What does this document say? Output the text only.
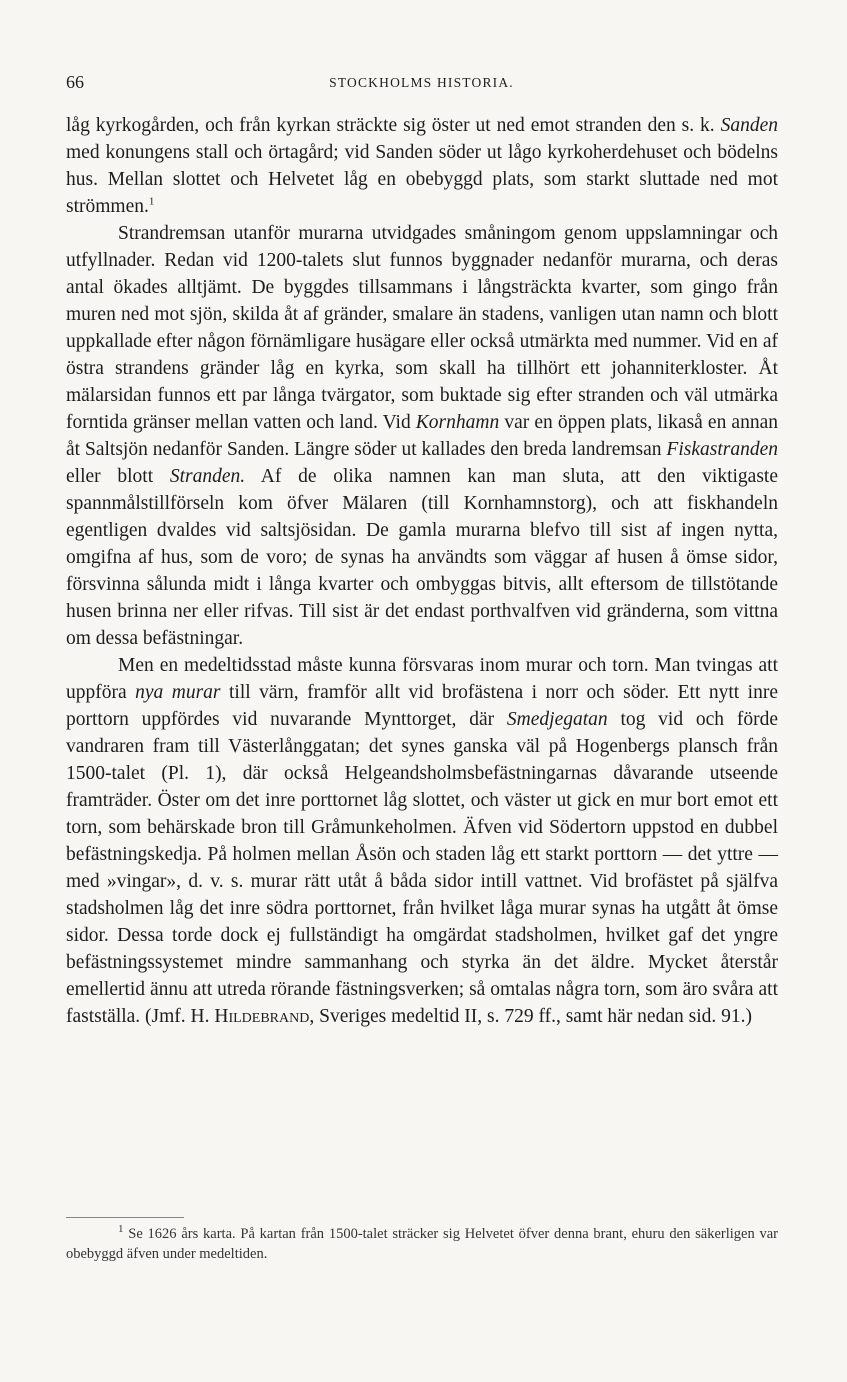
66	STOCKHOLMS HISTORIA.

låg kyrkogården, och från kyrkan sträckte sig öster ut ned emot stranden den s. k. Sanden med konungens stall och örtagård; vid Sanden söder ut lågo kyrkoherdehuset och bödelns hus. Mellan slottet och Helvetet låg en obebyggd plats, som starkt sluttade ned mot strömmen.$^1$

Strandremsan utanför murarna utvidgades småningom genom uppslamningar och utfyllnader. Redan vid 1200-talets slut funnos byggnader nedanför murarna, och deras antal ökades alltjämt. De byggdes tillsammans i långsträckta kvarter, som gingo från muren ned mot sjön, skilda åt af gränder, smalare än stadens, vanligen utan namn och blott uppkallade efter någon förnämligare husägare eller också utmärkta med nummer. Vid en af östra strandens gränder låg en kyrka, som skall ha tillhört ett johanniterkloster. Åt mälarsidan funnos ett par långa tvärgator, som buktade sig efter stranden och väl utmärka forntida gränser mellan vatten och land. Vid Kornhamn var en öppen plats, likaså en annan åt Saltsjön nedanför Sanden. Längre söder ut kallades den breda landremsan Fiskastranden eller blott Stranden. Af de olika namnen kan man sluta, att den viktigaste spannmålstillförseln kom öfver Mälaren (till Kornhamnstorg), och att fiskhandeln egentligen dvaldes vid saltsjösidan. De gamla murarna blefvo till sist af ingen nytta, omgifna af hus, som de voro; de synas ha användts som väggar af husen å ömse sidor, försvinna sålunda midt i långa kvarter och ombyggas bitvis, allt eftersom de tillstötande husen brinna ner eller rifvas. Till sist är det endast porthvalfven vid gränderna, som vittna om dessa befästningar.

Men en medeltidsstad måste kunna försvaras inom murar och torn. Man tvingas att uppföra nya murar till värn, framför allt vid brofästena i norr och söder. Ett nytt inre porttorn uppfördes vid nuvarande Mynttorget, där Smedjegatan tog vid och förde vandraren fram till Västerlånggatan; det synes ganska väl på Hogenbergs plansch från 1500-talet (Pl. 1), där också Helgeandsholmsbefästningarnas dåvarande utseende framträder. Öster om det inre porttornet låg slottet, och väster ut gick en mur bort emot ett torn, som behärskade bron till Gråmunkeholmen. Äfven vid Södertorn uppstod en dubbel befästningskedja. På holmen mellan Åsön och staden låg ett starkt porttorn — det yttre — med »vingar», d. v. s. murar rätt utåt å båda sidor intill vattnet. Vid brofästet på själfva stadsholmen låg det inre södra porttornet, från hvilket låga murar synas ha utgått åt ömse sidor. Dessa torde dock ej fullständigt ha omgärdat stadsholmen, hvilket gaf det yngre befästningssystemet mindre sammanhang och styrka än det äldre. Mycket återstår emellertid ännu att utreda rörande fästningsverken; så omtalas några torn, som äro svåra att fastställa. (Jmf. H. Hildebrand, Sveriges medeltid II, s. 729 ff., samt här nedan sid. 91.)

$^1$ Se 1626 års karta. På kartan från 1500-talet sträcker sig Helvetet öfver denna brant, ehuru den säkerligen var obebyggd äfven under medeltiden.
